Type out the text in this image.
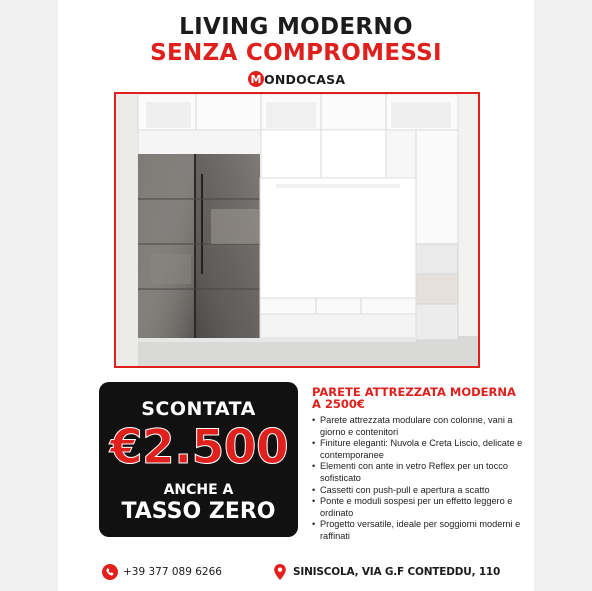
LIVING MODERNO
SENZA COMPROMESSI
M ONDOCASA
SCONTATA
€2.500
ANCHE A
TASSO ZERO
PARETE ATTREZZATA MODERNA A 2500€
• Parete attrezzata modulare con colonne, vani a giorno e contenitori
• Finiture eleganti: Nuvola e Creta Liscio, delicate e contemporanee
• Elementi con ante in vetro Reflex per un tocco sofisticato
• Cassetti con push-pull e apertura a scatto
• Ponte e moduli sospesi per un effetto leggero e ordinato
• Progetto versatile, ideale per soggiorni moderni e raffinati
+39 377 089 6266	SINISCOLA, VIA G.F CONTEDDU, 110
